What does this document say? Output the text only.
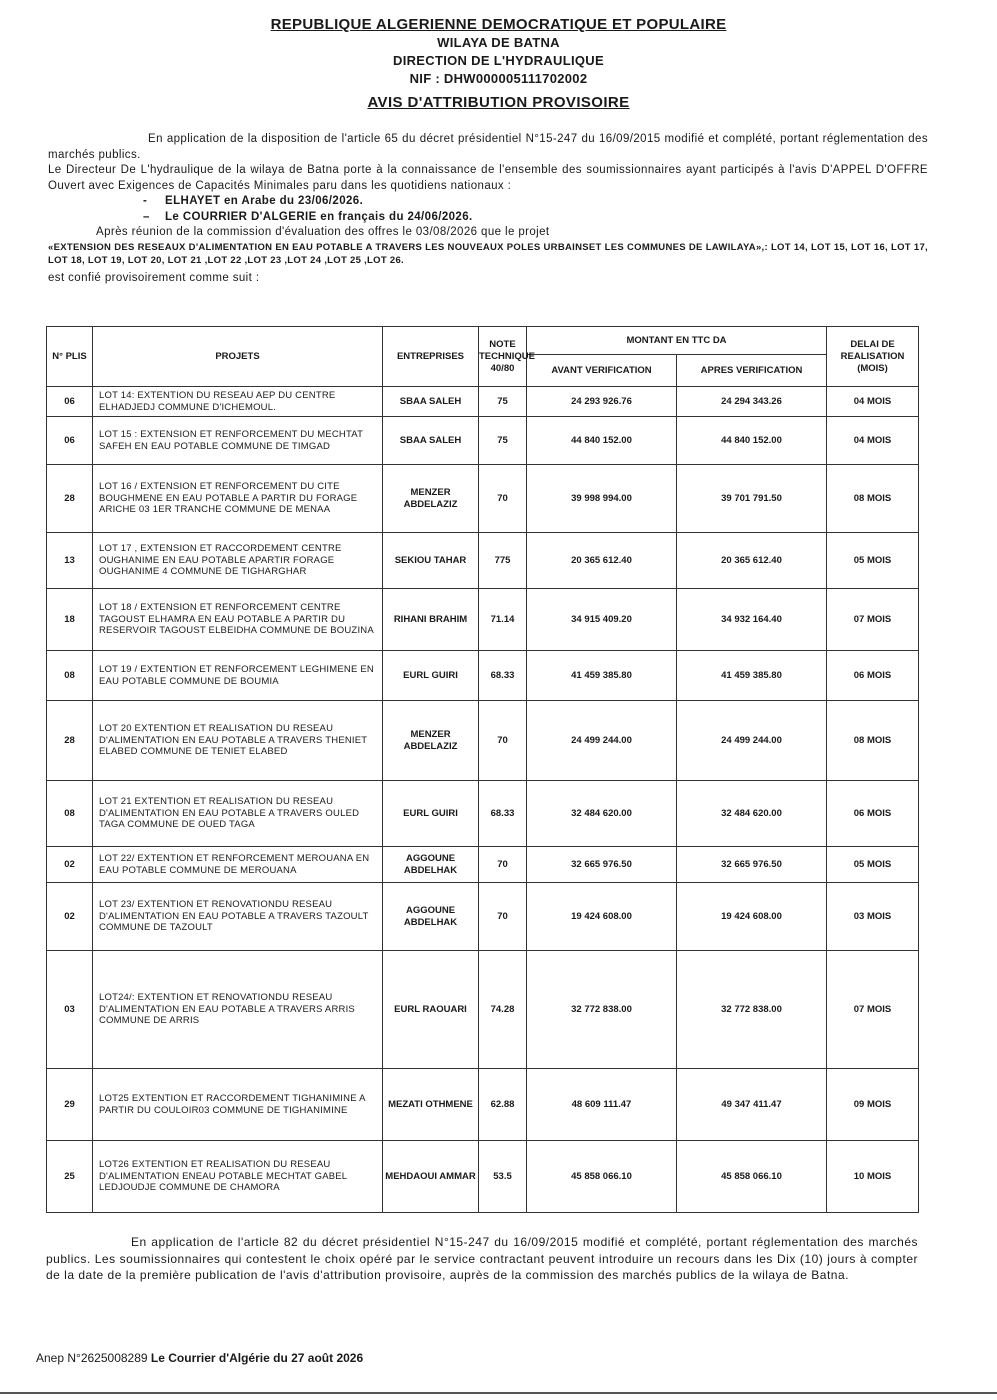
REPUBLIQUE ALGERIENNE DEMOCRATIQUE ET POPULAIRE
WILAYA DE BATNA
DIRECTION DE L'HYDRAULIQUE
NIF : DHW000005111702002
AVIS D'ATTRIBUTION PROVISOIRE

En application de la disposition de l'article 65 du décret présidentiel N°15-247 du 16/09/2015 modifié et complété, portant réglementation des marchés publics.

Le Directeur De L'hydraulique de la wilaya de Batna porte à la connaissance de l'ensemble des soumissionnaires ayant participés à l'avis D'APPEL D'OFFRE Ouvert avec Exigences de Capacités Minimales paru dans les quotidiens nationaux :

- ELHAYET en Arabe du 23/06/2026.

– Le COURRIER D'ALGERIE en français du 24/06/2026.

Après réunion de la commission d'évaluation des offres le 03/08/2026 que le projet

«EXTENSION DES RESEAUX D'ALIMENTATION EN EAU POTABLE A TRAVERS LES NOUVEAUX POLES URBAINSET LES COMMUNES DE LAWILAYA»,: LOT 14, LOT 15, LOT 16, LOT 17, LOT 18, LOT 19, LOT 20, LOT 21 ,LOT 22 ,LOT 23 ,LOT 24 ,LOT 25 ,LOT 26.

est confié provisoirement comme suit :

N° PLIS	PROJETS	ENTREPRISES	NOTE TECHNIQUE 40/80	MONTANT EN TTC DA		DELAI DE REALISATION (MOIS)
				AVANT VERIFICATION	APRES VERIFICATION	
06	LOT 14: EXTENTION DU RESEAU AEP DU CENTRE ELHADJEDJ COMMUNE D'ICHEMOUL.	SBAA SALEH	75	24 293 926.76	24 294 343.26	04 MOIS
06	LOT 15 : EXTENSION ET RENFORCEMENT DU MECHTAT SAFEH EN EAU POTABLE COMMUNE DE TIMGAD	SBAA SALEH	75	44 840 152.00	44 840 152.00	04 MOIS
28	LOT 16 / EXTENSION ET RENFORCEMENT DU CITE BOUGHMENE EN EAU POTABLE A PARTIR DU FORAGE ARICHE 03 1ER TRANCHE COMMUNE DE MENAA	MENZER ABDELAZIZ	70	39 998 994.00	39 701 791.50	08 MOIS
13	LOT 17 , EXTENSION ET RACCORDEMENT CENTRE OUGHANIME EN EAU POTABLE APARTIR FORAGE OUGHANIME 4 COMMUNE DE TIGHARGHAR	SEKIOU TAHAR	775	20 365 612.40	20 365 612.40	05 MOIS
18	LOT 18 / EXTENSION ET RENFORCEMENT CENTRE TAGOUST ELHAMRA EN EAU POTABLE A PARTIR DU RESERVOIR TAGOUST ELBEIDHA COMMUNE DE BOUZINA	RIHANI BRAHIM	71.14	34 915 409.20	34 932 164.40	07 MOIS
08	LOT 19 / EXTENTION ET RENFORCEMENT LEGHIMENE EN EAU POTABLE COMMUNE DE BOUMIA	EURL GUIRI	68.33	41 459 385.80	41 459 385.80	06 MOIS
28	LOT 20 EXTENTION ET REALISATION DU RESEAU D'ALIMENTATION EN EAU POTABLE A TRAVERS THENIET ELABED COMMUNE DE TENIET ELABED	MENZER ABDELAZIZ	70	24 499 244.00	24 499 244.00	08 MOIS
08	LOT 21 EXTENTION ET REALISATION DU RESEAU D'ALIMENTATION EN EAU POTABLE A TRAVERS OULED TAGA COMMUNE DE OUED TAGA	EURL GUIRI	68.33	32 484 620.00	32 484 620.00	06 MOIS
02	LOT 22/ EXTENTION ET RENFORCEMENT MEROUANA EN EAU POTABLE COMMUNE DE MEROUANA	AGGOUNE ABDELHAK	70	32 665 976.50	32 665 976.50	05 MOIS
02	LOT 23/ EXTENTION ET RENOVATIONDU RESEAU D'ALIMENTATION EN EAU POTABLE A TRAVERS TAZOULT COMMUNE DE TAZOULT	AGGOUNE ABDELHAK	70	19 424 608.00	19 424 608.00	03 MOIS
03	LOT24/: EXTENTION ET RENOVATIONDU RESEAU D'ALIMENTATION EN EAU POTABLE A TRAVERS ARRIS COMMUNE DE ARRIS	EURL RAOUARI	74.28	32 772 838.00	32 772 838.00	07 MOIS
29	LOT25 EXTENTION ET RACCORDEMENT TIGHANIMINE A PARTIR DU COULOIR03 COMMUNE DE TIGHANIMINE	MEZATI OTHMENE	62.88	48 609 111.47	49 347 411.47	09 MOIS
25	LOT26 EXTENTION ET REALISATION DU RESEAU D'ALIMENTATION ENEAU POTABLE MECHTAT GABEL LEDJOUDJE COMMUNE DE CHAMORA	MEHDAOUI AMMAR	53.5	45 858 066.10	45 858 066.10	10 MOIS

En application de l'article 82 du décret présidentiel N°15-247 du 16/09/2015 modifié et complété, portant réglementation des marchés publics. Les soumissionnaires qui contestent le choix opéré par le service contractant peuvent introduire un recours dans les Dix (10) jours à compter de la date de la première publication de l'avis d'attribution provisoire, auprès de la commission des marchés publics de la wilaya de Batna.

Anep N°2625008289 Le Courrier d'Algérie du 27 août 2026
